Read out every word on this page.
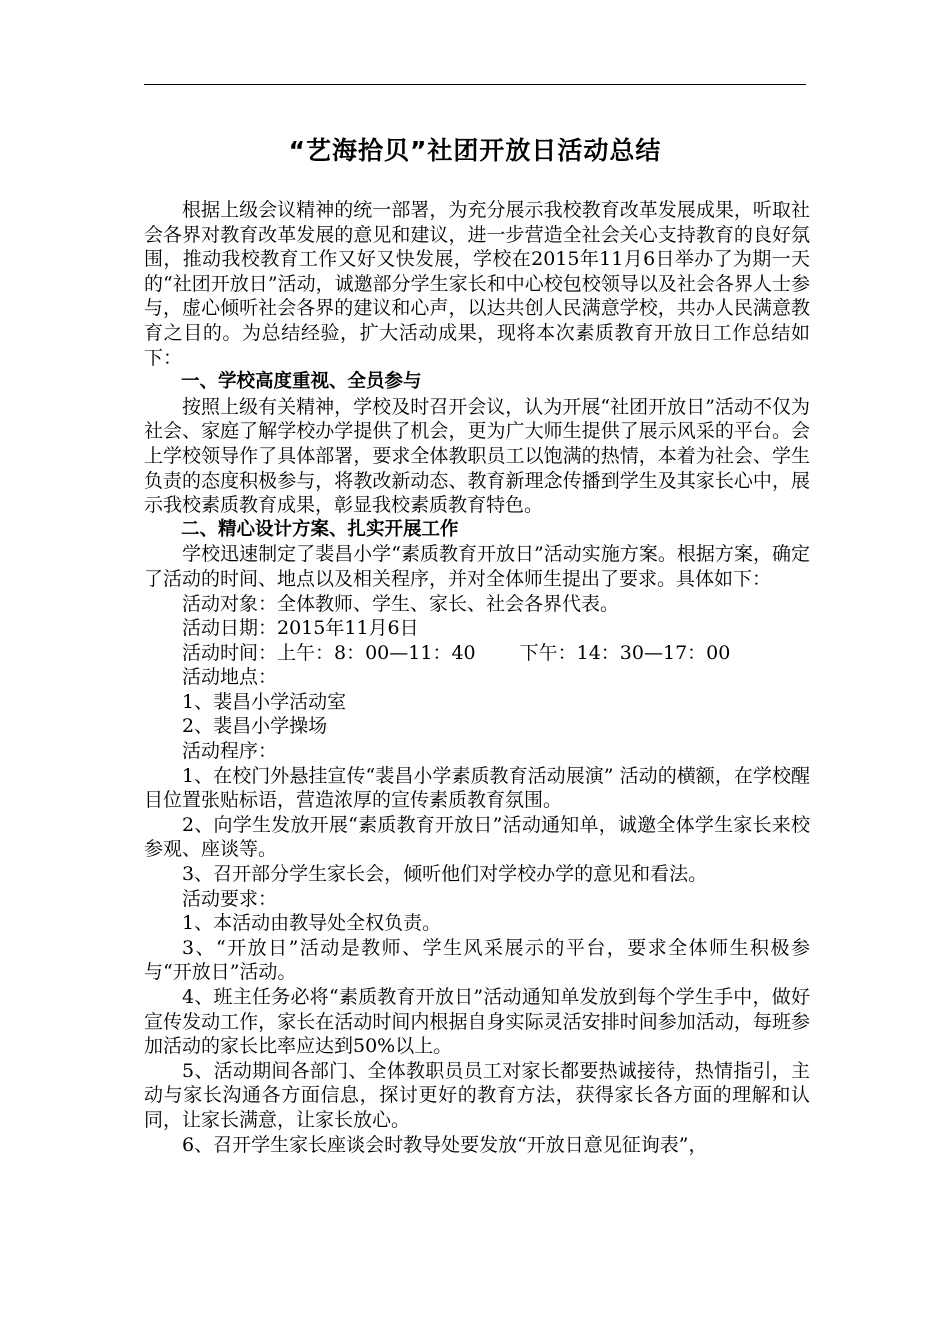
“艺海拾贝”社团开放日活动总结

根据上级会议精神的统一部署，为充分展示我校教育改革发展成果，听取社会各界对教育改革发展的意见和建议，进一步营造全社会关心支持教育的良好氛围，推动我校教育工作又好又快发展，学校在2015年11月6日举办了为期一天的“社团开放日”活动，诚邀部分学生家长和中心校包校领导以及社会各界人士参与，虚心倾听社会各界的建议和心声，以达共创人民满意学校，共办人民满意教育之目的。为总结经验，扩大活动成果，现将本次素质教育开放日工作总结如下：

一、学校高度重视、全员参与

按照上级有关精神，学校及时召开会议，认为开展“社团开放日”活动不仅为社会、家庭了解学校办学提供了机会，更为广大师生提供了展示风采的平台。会上学校领导作了具体部署，要求全体教职员工以饱满的热情，本着为社会、学生负责的态度积极参与，将教改新动态、教育新理念传播到学生及其家长心中，展示我校素质教育成果，彰显我校素质教育特色。

二、精心设计方案、扎实开展工作

学校迅速制定了裴昌小学“素质教育开放日”活动实施方案。根据方案，确定了活动的时间、地点以及相关程序，并对全体师生提出了要求。具体如下：

活动对象：全体教师、学生、家长、社会各界代表。

活动日期：2015年11月6日

活动时间：上午：8：00—11：40 下午：14：30—17：00

活动地点：

1、裴昌小学活动室

2、裴昌小学操场

活动程序：

1、在校门外悬挂宣传“裴昌小学素质教育活动展演” 活动的横额，在学校醒目位置张贴标语，营造浓厚的宣传素质教育氛围。

2、向学生发放开展“素质教育开放日”活动通知单，诚邀全体学生家长来校参观、座谈等。

3、召开部分学生家长会，倾听他们对学校办学的意见和看法。

活动要求：

1、本活动由教导处全权负责。

3、“开放日”活动是教师、学生风采展示的平台，要求全体师生积极参与“开放日”活动。

4、班主任务必将“素质教育开放日”活动通知单发放到每个学生手中，做好宣传发动工作，家长在活动时间内根据自身实际灵活安排时间参加活动，每班参加活动的家长比率应达到50%以上。

5、活动期间各部门、全体教职员员工对家长都要热诚接待，热情指引，主动与家长沟通各方面信息，探讨更好的教育方法，获得家长各方面的理解和认同，让家长满意，让家长放心。

6、召开学生家长座谈会时教导处要发放“开放日意见征询表”，
